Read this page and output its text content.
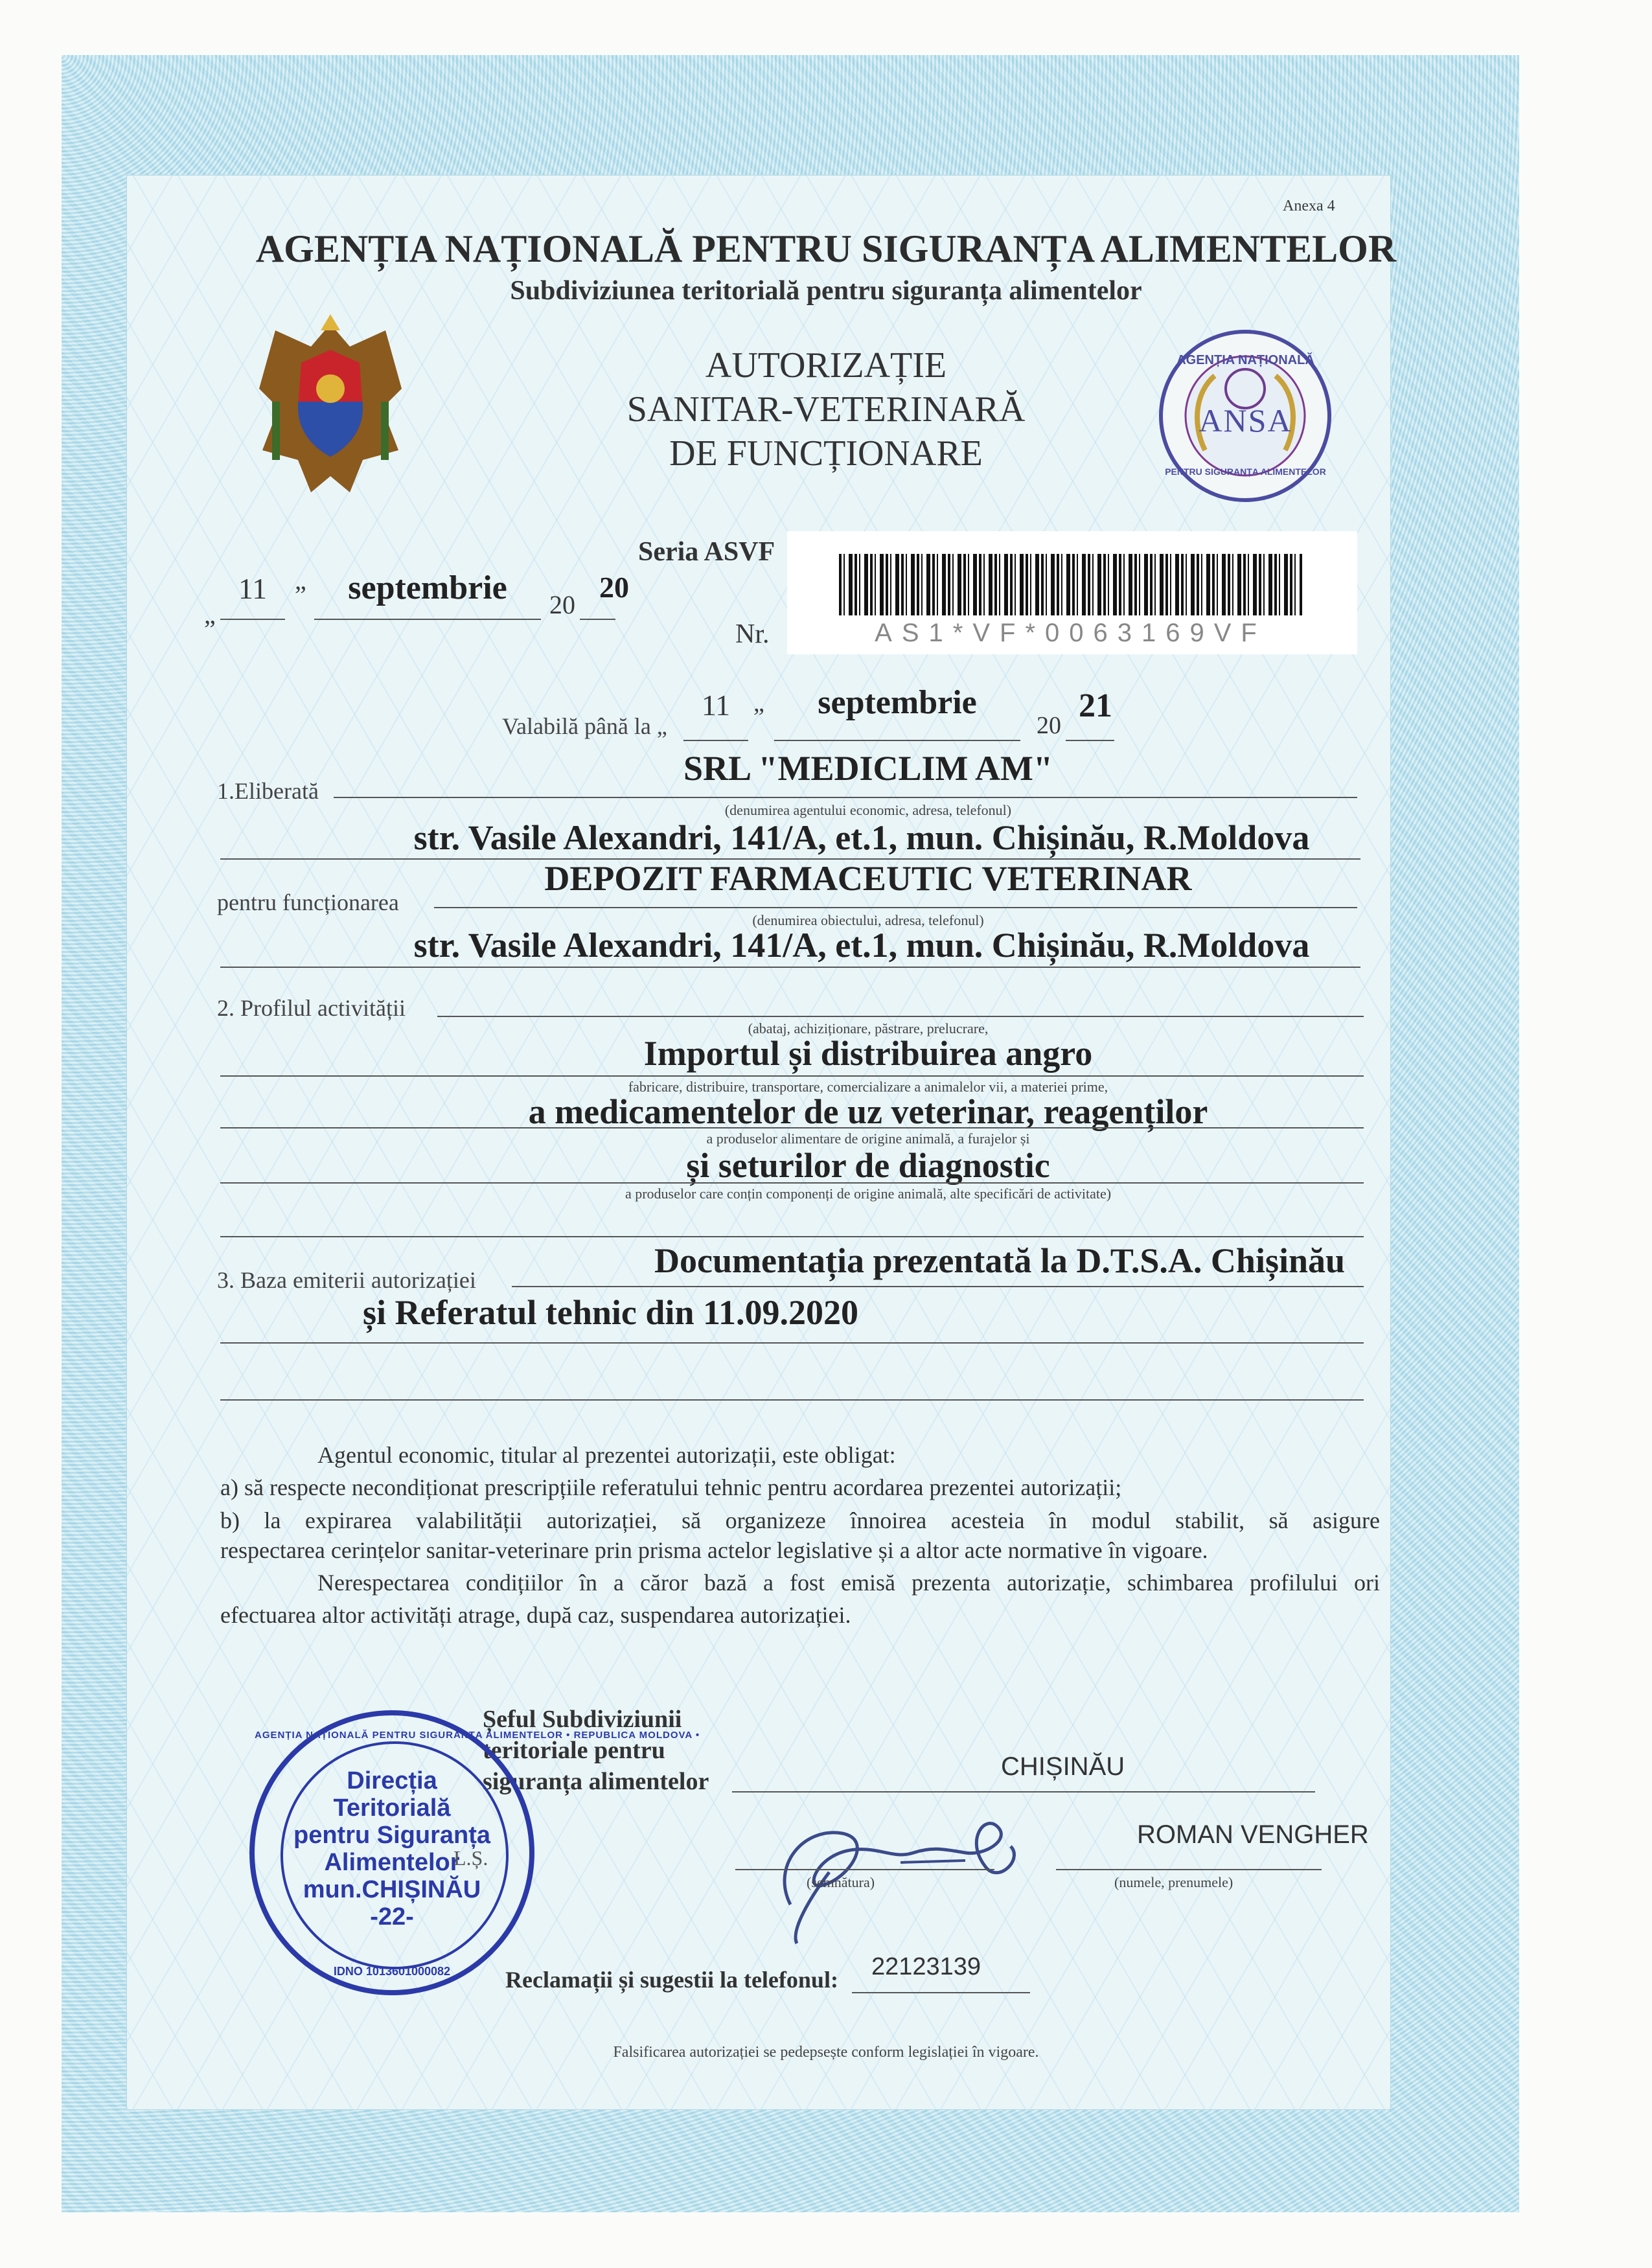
Anexa 4
AGENȚIA NAȚIONALĂ PENTRU SIGURANȚA ALIMENTELOR
Subdiviziunea teritorială pentru siguranța alimentelor
AUTORIZAȚIE
SANITAR-VETERINARĂ
DE FUNCȚIONARE
AGENȚIA NAȚIONALĂ
ANSA
PENTRU SIGURANȚA ALIMENTELOR
„
11	”	septembrie	20
20
Seria ASVF
Nr.	AS1*VF*0063169VF
Valabilă până la „
11 ”	septembrie
20
21
SRL "MEDICLIM AM"
1.Eliberată
(denumirea agentului economic, adresa, telefonul)
str. Vasile Alexandri, 141/A, et.1, mun. Chișinău, R.Moldova
DEPOZIT FARMACEUTIC VETERINAR
pentru funcționarea
(denumirea obiectului, adresa, telefonul)
str. Vasile Alexandri, 141/A, et.1, mun. Chișinău, R.Moldova
2. Profilul activității
(abataj, achiziționare, păstrare, prelucrare,
Importul și distribuirea angro
fabricare, distribuire, transportare, comercializare a animalelor vii, a materiei prime,
a medicamentelor de uz veterinar, reagenților
a produselor alimentare de origine animală, a furajelor și
și seturilor de diagnostic
a produselor care conțin componenți de origine animală, alte specificări de activitate)
3. Baza emiterii autorizației	Documentația prezentată la D.T.S.A. Chișinău
și Referatul tehnic din 11.09.2020
Agentul economic, titular al prezentei autorizații, este obligat:
a) să respecte necondiționat prescripțiile referatului tehnic pentru acordarea prezentei autorizații;
b) la expirarea valabilității autorizației, să organizeze înnoirea acesteia în modul stabilit, să asigure
respectarea cerințelor sanitar-veterinare prin prisma actelor legislative și a altor acte normative în vigoare.
Nerespectarea condițiilor în a căror bază a fost emisă prezenta autorizație, schimbarea profilului ori
efectuarea altor activități atrage, după caz, suspendarea autorizației.
Șeful Subdiviziunii
teritoriale pentru
siguranța alimentelor
CHIȘINĂU
(semnătura)
ROMAN VENGHER
(numele, prenumele)
AGENȚIA NAȚIONALĂ PENTRU SIGURANȚA ALIMENTELOR • REPUBLICA MOLDOVA •
Direcția
Teritorială
pentru Siguranța
Alimentelor
mun.CHIȘINĂU
-22-
IDNO 1013601000082
L.Ș.
Reclamații și sugestii la telefonul: 22123139
Falsificarea autorizației se pedepsește conform legislației în vigoare.
